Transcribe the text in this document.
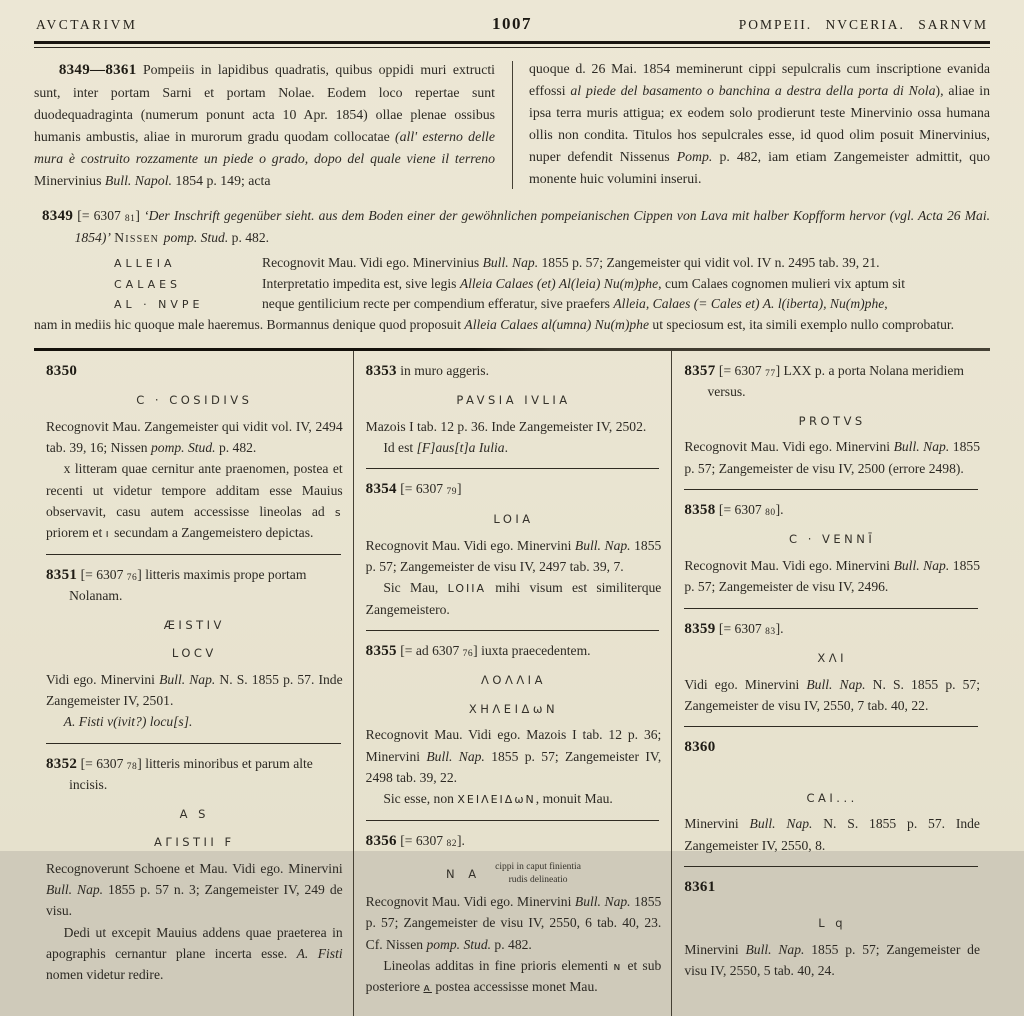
AVCTARIVM	1007	POMPEII. NVCERIA. SARNVM
8349—8361 Pompeiis in lapidibus quadratis, quibus oppidi muri extructi sunt, inter portam Sarni et portam Nolae. Eodem loco repertae sunt duodequadraginta (numerum ponunt acta 10 Apr. 1854) ollae plenae ossibus humanis ambustis, aliae in murorum gradu quodam collocatae (all' esterno delle mura è costruito rozzamente un piede o grado, dopo del quale viene il terreno Minervinius Bull. Napol. 1854 p. 149; acta
quoque d. 26 Mai. 1854 meminerunt cippi sepulcralis cum inscriptione evanida effossi al piede del basamento o banchina a destra della porta di Nola), aliae in ipsa terra muris attigua; ex eodem solo prodierunt teste Minervinio ossa humana ollis non condita. Titulos hos sepulcrales esse, id quod olim posuit Minervinius, nuper defendit Nissenus Pomp. p. 482, iam etiam Zangemeister admittit, quo monente huic volumini inserui.

8349 [= 6307 81] ʻDer Inschrift gegenüber sieht. aus dem Boden einer der gewöhnlichen pompeianischen Cippen von Lava mit halber Kopfform hervor (vgl. Acta 26 Mai. 1854)ʼ Nissen pomp. Stud. p. 482.

ALLEIA	Recognovit Mau. Vidi ego. Minervinius Bull. Nap. 1855 p. 57; Zangemeister qui vidit vol. IV n. 2495 tab. 39, 21.
CALAES	Interpretatio impedita est, sive legis Alleia Calaes (et) Al(leia) Nu(m)phe, cum Calaes cognomen mulieri vix aptum sit
AL · NVPE	neque gentilicium recte per compendium efferatur, sive praefers Alleia, Calaes (= Cales et) A. l(iberta), Nu(m)phe,
nam in mediis hic quoque male haeremus. Bormannus denique quod proposuit Alleia Calaes al(umna) Nu(m)phe ut speciosum est, ita simili exemplo nullo comprobatur.

8350

C · COSIDIVS

Recognovit Mau. Zangemeister qui vidit vol. IV, 2494 tab. 39, 16; Nissen pomp. Stud. p. 482.

x litteram quae cernitur ante praenomen, postea et recenti ut videtur tempore additam esse Mauius observavit, casu autem accessisse lineolas ad s priorem et ı secundam a Zangemeistero depictas.

8351 [= 6307 76] litteris maximis prope portam Nolanam.

ÆISTIV
LOCV

Vidi ego. Minervini Bull. Nap. N. S. 1855 p. 57. Inde Zangemeister IV, 2501.

A. Fisti v(ivit?) locu[s].

8352 [= 6307 78] litteris minoribus et parum alte incisis.

A S
AΓISTII F

Recognoverunt Schoene et Mau. Vidi ego. Minervini Bull. Nap. 1855 p. 57 n. 3; Zangemeister IV, 249 de visu.

Dedi ut excepit Mauius addens quae praeterea in apographis cernantur plane incerta esse. A. Fisti nomen videtur redire.

8353 in muro aggeris.

PAVSIA IVLIA

Mazois I tab. 12 p. 36. Inde Zangemeister IV, 2502.

Id est [F]aus[t]a Iulia.

8354 [= 6307 79]

LOIA

Recognovit Mau. Vidi ego. Minervini Bull. Nap. 1855 p. 57; Zangemeister de visu IV, 2497 tab. 39, 7.

Sic Mau, LOIIA mihi visum est similiterque Zangemeistero.

8355 [= ad 6307 76] iuxta praecedentem.

ΛΟΛΛΙΑ
ΧΗΛΕΙΔωΝ

Recognovit Mau. Vidi ego. Mazois I tab. 12 p. 36; Minervini Bull. Nap. 1855 p. 57; Zangemeister IV, 2498 tab. 39, 22.

Sic esse, non ΧΕΙΛΕΙΔωΝ, monuit Mau.

8356 [= 6307 82].

N A cippi in caput finientia
rudis delineatio

Recognovit Mau. Vidi ego. Minervini Bull. Nap. 1855 p. 57; Zangemeister de visu IV, 2550, 6 tab. 40, 23. Cf. Nissen pomp. Stud. p. 482.

Lineolas additas in fine prioris elementi ɴ et sub posteriore ᴀ postea accessisse monet Mau.

8357 [= 6307 77] LXX p. a porta Nolana meridiem versus.

PROTVS

Recognovit Mau. Vidi ego. Minervini Bull. Nap. 1855 p. 57; Zangemeister de visu IV, 2500 (errore 2498).

8358 [= 6307 80].

C · VENNĪ

Recognovit Mau. Vidi ego. Minervini Bull. Nap. 1855 p. 57; Zangemeister de visu IV, 2496.

8359 [= 6307 83].

ΧΛΙ

Vidi ego. Minervini Bull. Nap. N. S. 1855 p. 57; Zangemeister de visu IV, 2550, 7 tab. 40, 22.

8360

CAI...

Minervini Bull. Nap. N. S. 1855 p. 57. Inde Zangemeister IV, 2550, 8.

8361

L q

Minervini Bull. Nap. 1855 p. 57; Zangemeister de visu IV, 2550, 5 tab. 40, 24.
